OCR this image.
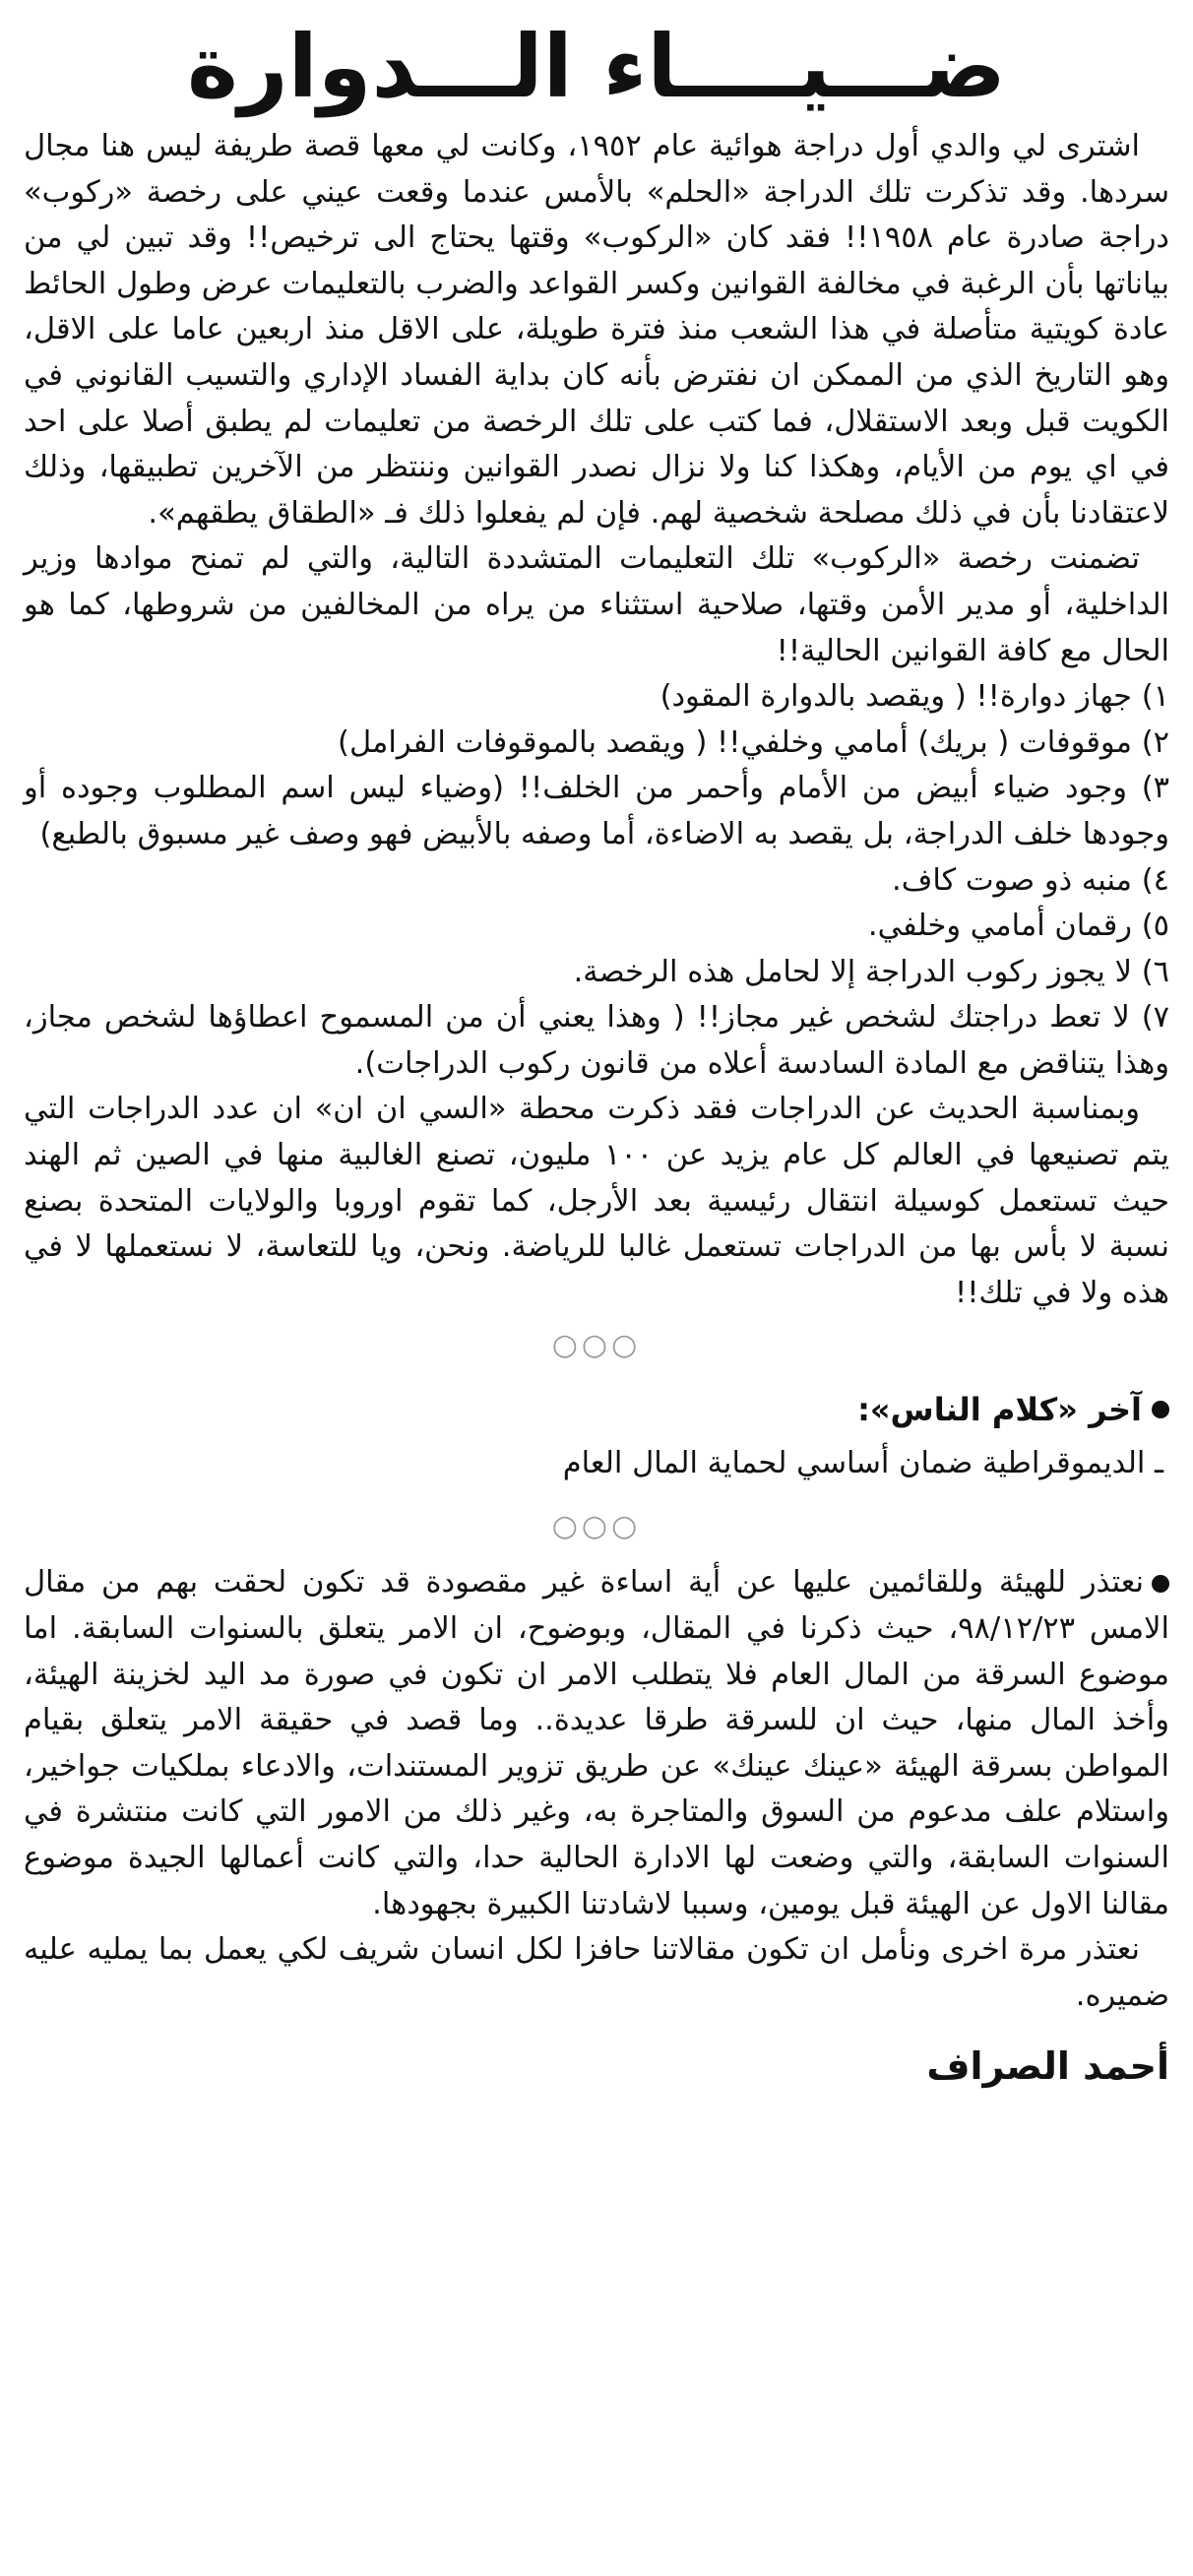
ضـــيــــاء الـــدوارة

اشترى لي والدي أول دراجة هوائية عام ١٩٥٢، وكانت لي معها قصة طريفة ليس هنا مجال سردها. وقد تذكرت تلك الدراجة «الحلم» بالأمس عندما وقعت عيني على رخصة «ركوب» دراجة صادرة عام ١٩٥٨!! فقد كان «الركوب» وقتها يحتاج الى ترخيص!! وقد تبين لي من بياناتها بأن الرغبة في مخالفة القوانين وكسر القواعد والضرب بالتعليمات عرض وطول الحائط عادة كويتية متأصلة في هذا الشعب منذ فترة طويلة، على الاقل منذ اربعين عاما على الاقل، وهو التاريخ الذي من الممكن ان نفترض بأنه كان بداية الفساد الإداري والتسيب القانوني في الكويت قبل وبعد الاستقلال، فما كتب على تلك الرخصة من تعليمات لم يطبق أصلا على احد في اي يوم من الأيام، وهكذا كنا ولا نزال نصدر القوانين وننتظر من الآخرين تطبيقها، وذلك لاعتقادنا بأن في ذلك مصلحة شخصية لهم. فإن لم يفعلوا ذلك فـ «الطقاق يطقهم».

تضمنت رخصة «الركوب» تلك التعليمات المتشددة التالية، والتي لم تمنح موادها وزير الداخلية، أو مدير الأمن وقتها، صلاحية استثناء من يراه من المخالفين من شروطها، كما هو الحال مع كافة القوانين الحالية!!

١) جهاز دوارة!! ( ويقصد بالدوارة المقود)

٢) موقوفات ( بريك) أمامي وخلفي!! ( ويقصد بالموقوفات الفرامل)

٣) وجود ضياء أبيض من الأمام وأحمر من الخلف!! (وضياء ليس اسم المطلوب وجوده أو وجودها خلف الدراجة، بل يقصد به الاضاءة، أما وصفه بالأبيض فهو وصف غير مسبوق بالطبع)

٤) منبه ذو صوت كاف.

٥) رقمان أمامي وخلفي.

٦) لا يجوز ركوب الدراجة إلا لحامل هذه الرخصة.

٧) لا تعط دراجتك لشخص غير مجاز!! ( وهذا يعني أن من المسموح اعطاؤها لشخص مجاز، وهذا يتناقض مع المادة السادسة أعلاه من قانون ركوب الدراجات).

وبمناسبة الحديث عن الدراجات فقد ذكرت محطة «السي ان ان» ان عدد الدراجات التي يتم تصنيعها في العالم كل عام يزيد عن ١٠٠ مليون، تصنع الغالبية منها في الصين ثم الهند حيث تستعمل كوسيلة انتقال رئيسية بعد الأرجل، كما تقوم اوروبا والولايات المتحدة بصنع نسبة لا بأس بها من الدراجات تستعمل غالبا للرياضة. ونحن، ويا للتعاسة، لا نستعملها لا في هذه ولا في تلك!!

○○○
آخر «كلام الناس»:
ـ الديموقراطية ضمان أساسي لحماية المال العام
○○○

نعتذر للهيئة وللقائمين عليها عن أية اساءة غير مقصودة قد تكون لحقت بهم من مقال الامس ٩٨/١٢/٢٣، حيث ذكرنا في المقال، وبوضوح، ان الامر يتعلق بالسنوات السابقة. اما موضوع السرقة من المال العام فلا يتطلب الامر ان تكون في صورة مد اليد لخزينة الهيئة، وأخذ المال منها، حيث ان للسرقة طرقا عديدة.. وما قصد في حقيقة الامر يتعلق بقيام المواطن بسرقة الهيئة «عينك عينك» عن طريق تزوير المستندات، والادعاء بملكيات جواخير، واستلام علف مدعوم من السوق والمتاجرة به، وغير ذلك من الامور التي كانت منتشرة في السنوات السابقة، والتي وضعت لها الادارة الحالية حدا، والتي كانت أعمالها الجيدة موضوع مقالنا الاول عن الهيئة قبل يومين، وسببا لاشادتنا الكبيرة بجهودها.

نعتذر مرة اخرى ونأمل ان تكون مقالاتنا حافزا لكل انسان شريف لكي يعمل بما يمليه عليه ضميره.

أحمد الصراف
